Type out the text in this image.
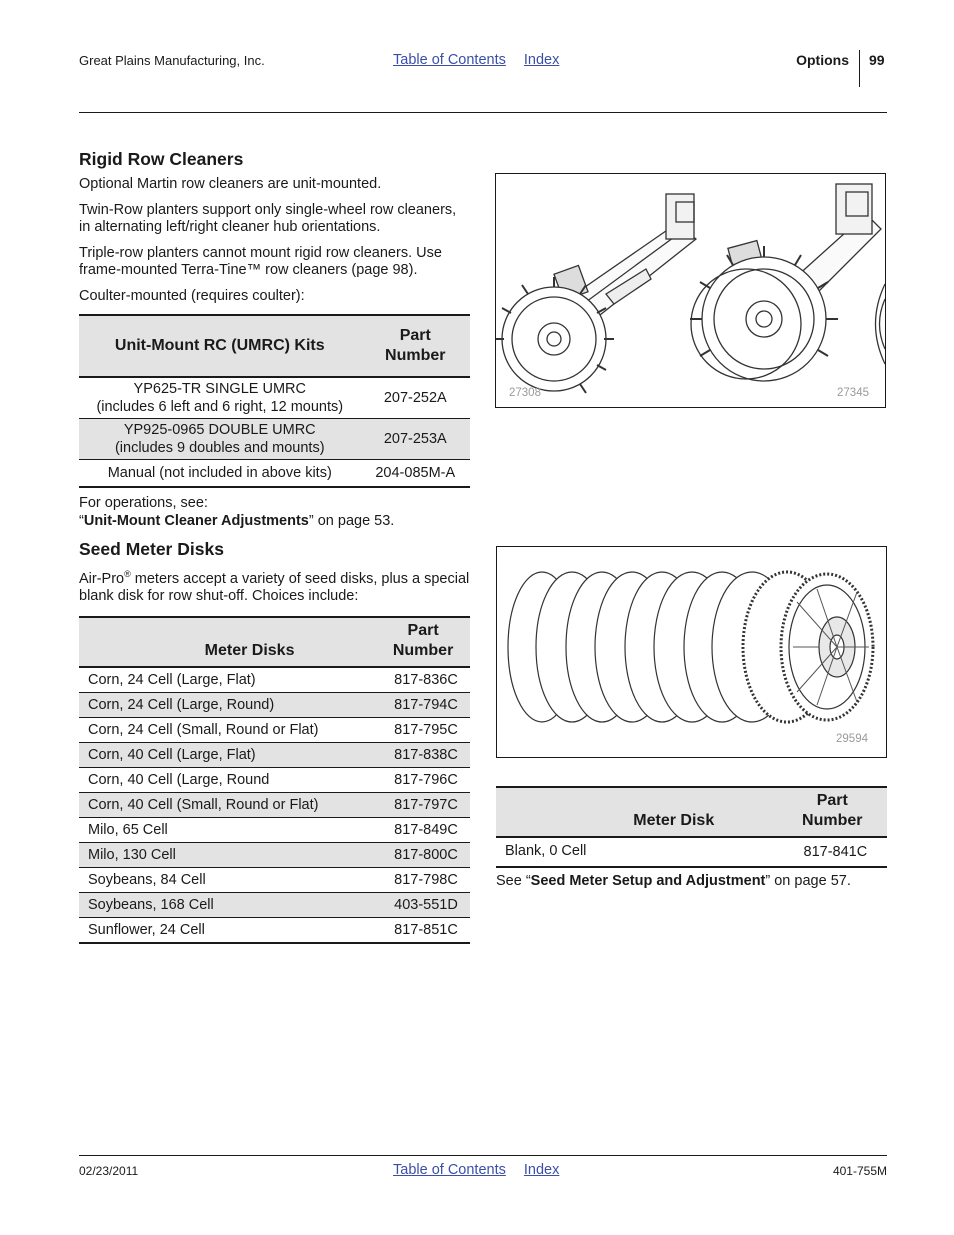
Great Plains Manufacturing, Inc.	Table of Contents Index	Options 99
Rigid Row Cleaners

Optional Martin row cleaners are unit-mounted.

Twin-Row planters support only single-wheel row cleaners, in alternating left/right cleaner hub orientations.

Triple-row planters cannot mount rigid row cleaners. Use frame-mounted Terra-Tine™ row cleaners (page 98).

Coulter-mounted (requires coulter):

Unit-Mount RC (UMRC) Kits	Part
Number
YP625-TR SINGLE UMRC
(includes 6 left and 6 right, 12 mounts)	207-252A
YP925-0965 DOUBLE UMRC
(includes 9 doubles and mounts)	207-253A
Manual (not included in above kits)	204-085M-A

For operations, see:
“Unit-Mount Cleaner Adjustments” on page 53.

27308	27345
Seed Meter Disks

Air-Pro® meters accept a variety of seed disks, plus a special blank disk for row shut-off. Choices include:

Meter Disks	Part
Number
Corn, 24 Cell (Large, Flat)	817-836C
Corn, 24 Cell (Large, Round)	817-794C
Corn, 24 Cell (Small, Round or Flat)	817-795C
Corn, 40 Cell (Large, Flat)	817-838C
Corn, 40 Cell (Large, Round	817-796C
Corn, 40 Cell (Small, Round or Flat)	817-797C
Milo, 65 Cell	817-849C
Milo, 130 Cell	817-800C
Soybeans, 84 Cell	817-798C
Soybeans, 168 Cell	403-551D
Sunflower, 24 Cell	817-851C
29594
Meter Disk	Part
Number
Blank, 0 Cell	817-841C

See “Seed Meter Setup and Adjustment” on page 57.

02/23/2011	Table of Contents Index	401-755M
